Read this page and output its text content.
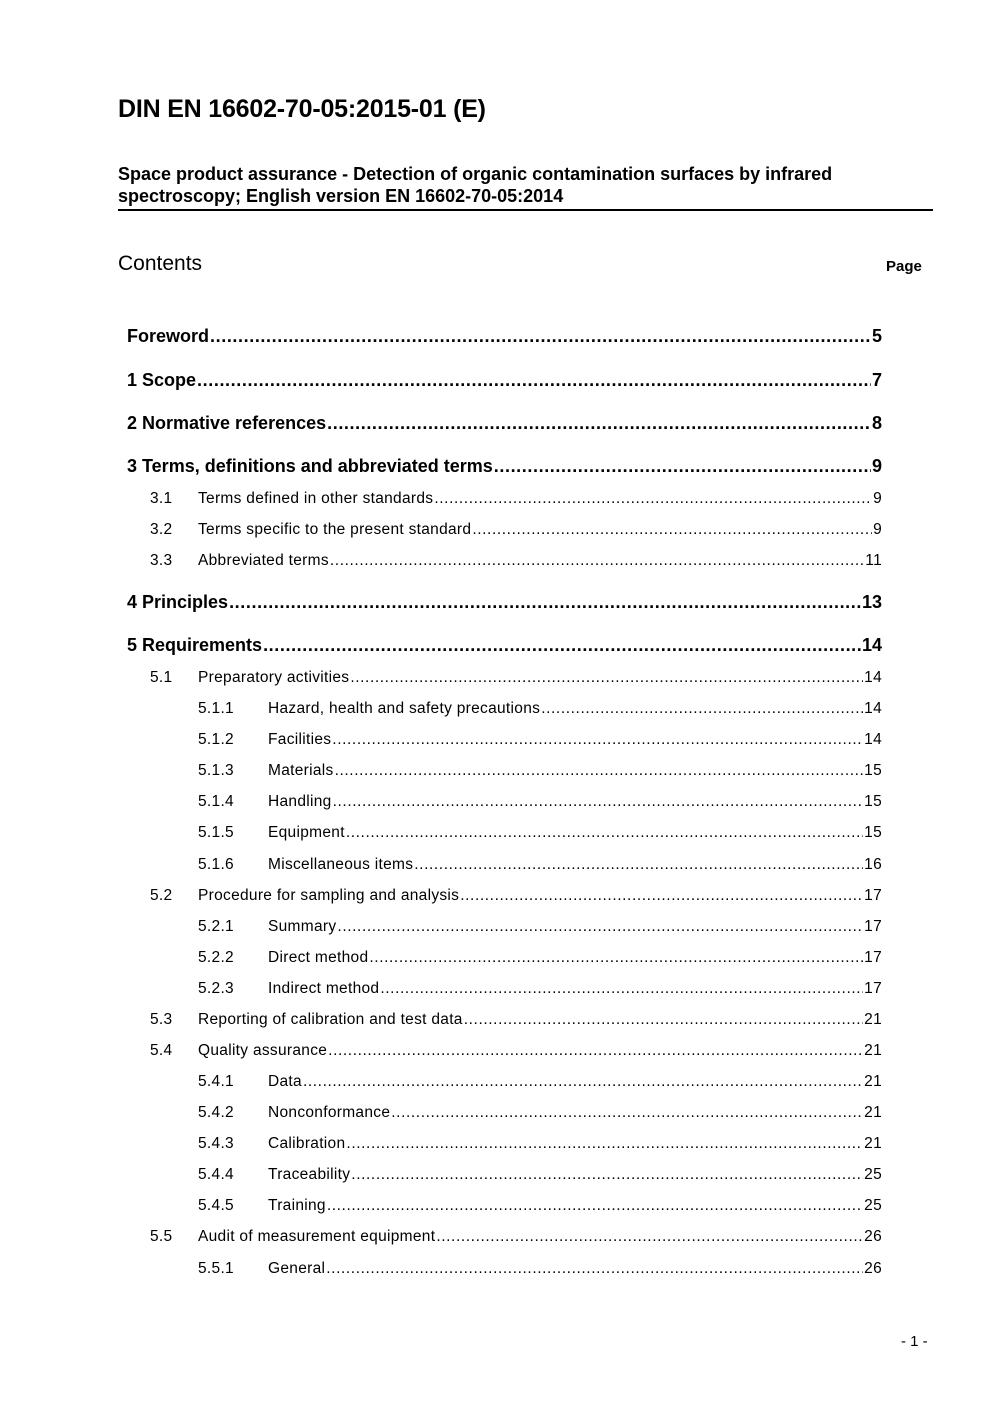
DIN EN 16602-70-05:2015-01 (E)
Space product assurance - Detection of organic contamination surfaces by infrared spectroscopy; English version EN 16602-70-05:2014
Contents	Page
Foreword .....	5
1 Scope .....	7
2 Normative references .....	8
3 Terms, definitions and abbreviated terms .....	9
3.1	Terms defined in other standards .....	9
3.2	Terms specific to the present standard .....	9
3.3	Abbreviated terms .....	11
4 Principles .....	13
5 Requirements .....	14
5.1	Preparatory activities .....	14
5.1.1	Hazard, health and safety precautions .....	14
5.1.2	Facilities .....	14
5.1.3	Materials .....	15
5.1.4	Handling .....	15
5.1.5	Equipment .....	15
5.1.6	Miscellaneous items .....	16
5.2	Procedure for sampling and analysis .....	17
5.2.1	Summary .....	17
5.2.2	Direct method .....	17
5.2.3	Indirect method .....	17
5.3	Reporting of calibration and test data .....	21
5.4	Quality assurance .....	21
5.4.1	Data .....	21
5.4.2	Nonconformance .....	21
5.4.3	Calibration .....	21
5.4.4	Traceability .....	25
5.4.5	Training .....	25
5.5	Audit of measurement equipment .....	26
5.5.1	General .....	26
- 1 -
